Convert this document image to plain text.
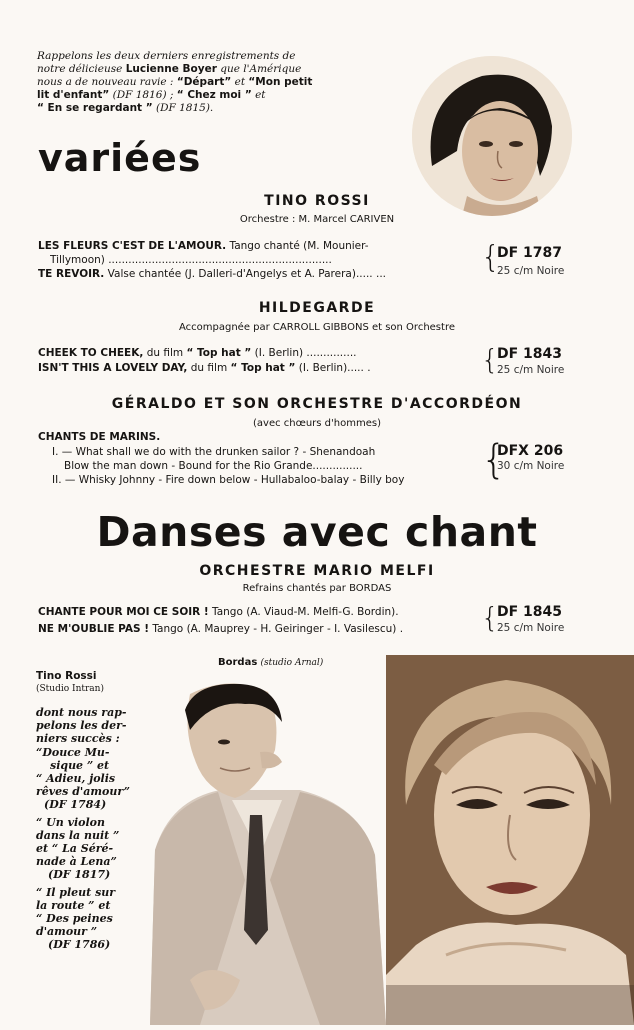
Rappelons les deux derniers enregistrements de

notre délicieuse Lucienne Boyer que l'Amérique

nous a de nouveau ravie : “Départ” et “Mon petit

lit d'enfant” (DF 1816) ; “ Chez moi ” et

“ En se regardant ” (DF 1815).

variées
TINO ROSSI
Orchestre : M. Marcel CARIVEN
LES FLEURS C'EST DE L'AMOUR. Tango chanté (M. Mounier-
Tillymoon) ...................................................................
TE REVOIR. Valse chantée (J. Dalleri-d'Angelys et A. Parera)..... ...	{
DF 1787
25 c/m Noire
HILDEGARDE
Accompagnée par CARROLL GIBBONS et son Orchestre
CHEEK TO CHEEK, du film “ Top hat ” (I. Berlin) ...............
ISN'T THIS A LOVELY DAY, du film “ Top hat ” (I. Berlin)..... .	{
DF 1843
25 c/m Noire
GÉRALDO ET SON ORCHESTRE D'ACCORDÉON
(avec chœurs d'hommes)
CHANTS DE MARINS.
I. — What shall we do with the drunken sailor ? - Shenandoah
Blow the man down - Bound for the Rio Grande...............
II. — Whisky Johnny - Fire down below - Hullabaloo-balay - Billy boy {
DFX 206
30 c/m Noire
Danses avec chant
ORCHESTRE MARIO MELFI
Refrains chantés par BORDAS
CHANTE POUR MOI CE SOIR ! Tango (A. Viaud-M. Melfi-G. Bordin).
NE M'OUBLIE PAS ! Tango (A. Mauprey - H. Geiringer - I. Vasilescu) .	{
DF 1845
25 c/m Noire
Bordas (studio Arnal)

Tino Rossi

(Studio Intran)

dont nous rap-

pelons les der-

niers succès :

“Douce Mu-

sique ” et

“ Adieu, jolis

rêves d'amour”

(DF 1784)

“ Un violon

dans la nuit ”

et “ La Séré-

nade à Lena”

(DF 1817)

“ Il pleut sur

la route ” et

“ Des peines

d'amour ”

(DF 1786)
